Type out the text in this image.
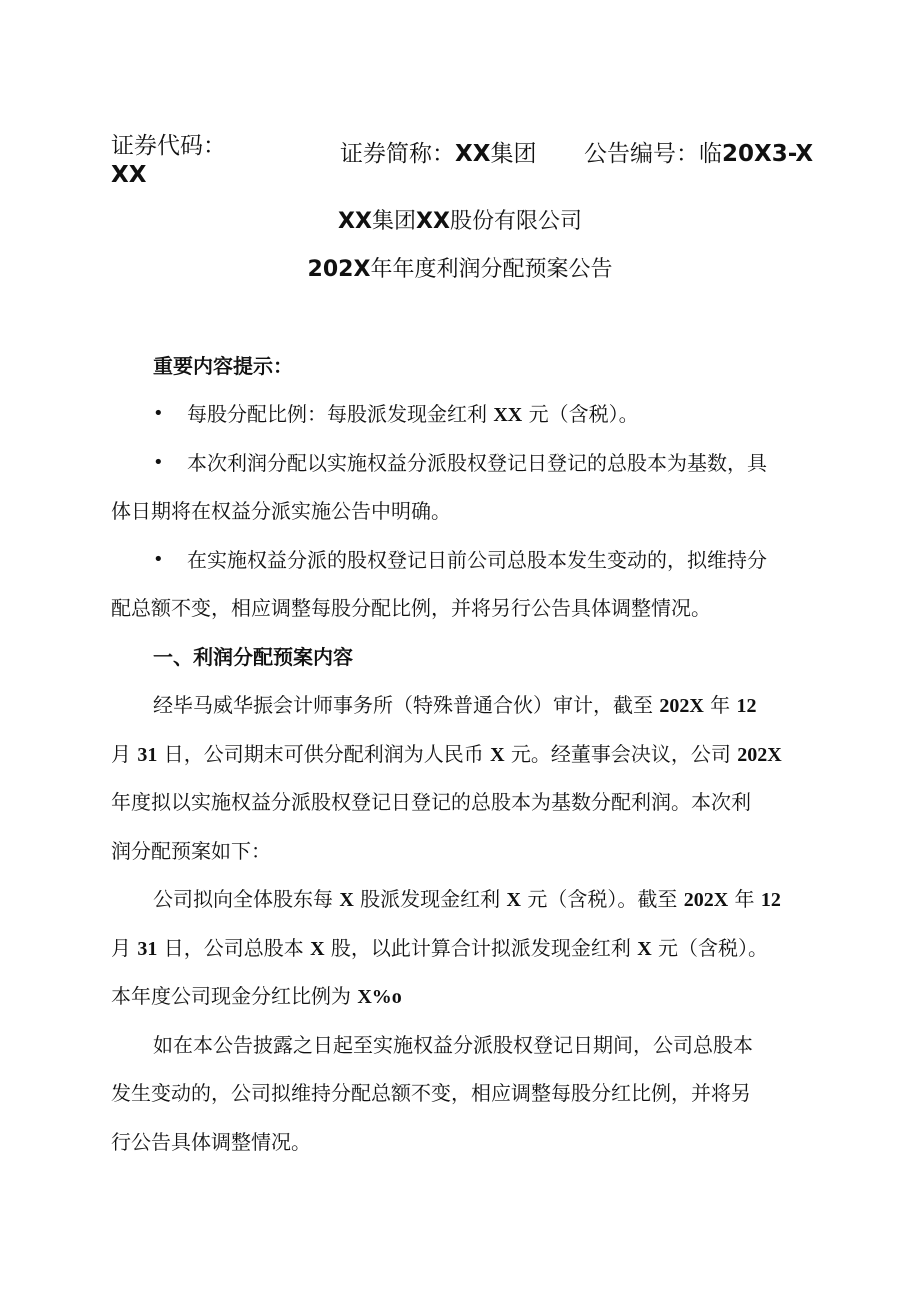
证券代码：
XX
证券简称：XX集团 公告编号：临20X3-X
XX集团XX股份有限公司
202X年年度利润分配预案公告
重要内容提示：
• 每股分配比例：每股派发现金红利 XX 元（含税）。
• 本次利润分配以实施权益分派股权登记日登记的总股本为基数，具
体日期将在权益分派实施公告中明确。
• 在实施权益分派的股权登记日前公司总股本发生变动的，拟维持分
配总额不变，相应调整每股分配比例，并将另行公告具体调整情况。
一、利润分配预案内容
经毕马威华振会计师事务所（特殊普通合伙）审计，截至 202X 年 12
月 31 日，公司期末可供分配利润为人民币 X 元。经董事会决议，公司 202X
年度拟以实施权益分派股权登记日登记的总股本为基数分配利润。本次利
润分配预案如下：
公司拟向全体股东每 X 股派发现金红利 X 元（含税）。截至 202X 年 12
月 31 日，公司总股本 X 股，以此计算合计拟派发现金红利 X 元（含税）。
本年度公司现金分红比例为 X%o
如在本公告披露之日起至实施权益分派股权登记日期间，公司总股本
发生变动的，公司拟维持分配总额不变，相应调整每股分红比例，并将另
行公告具体调整情况。
